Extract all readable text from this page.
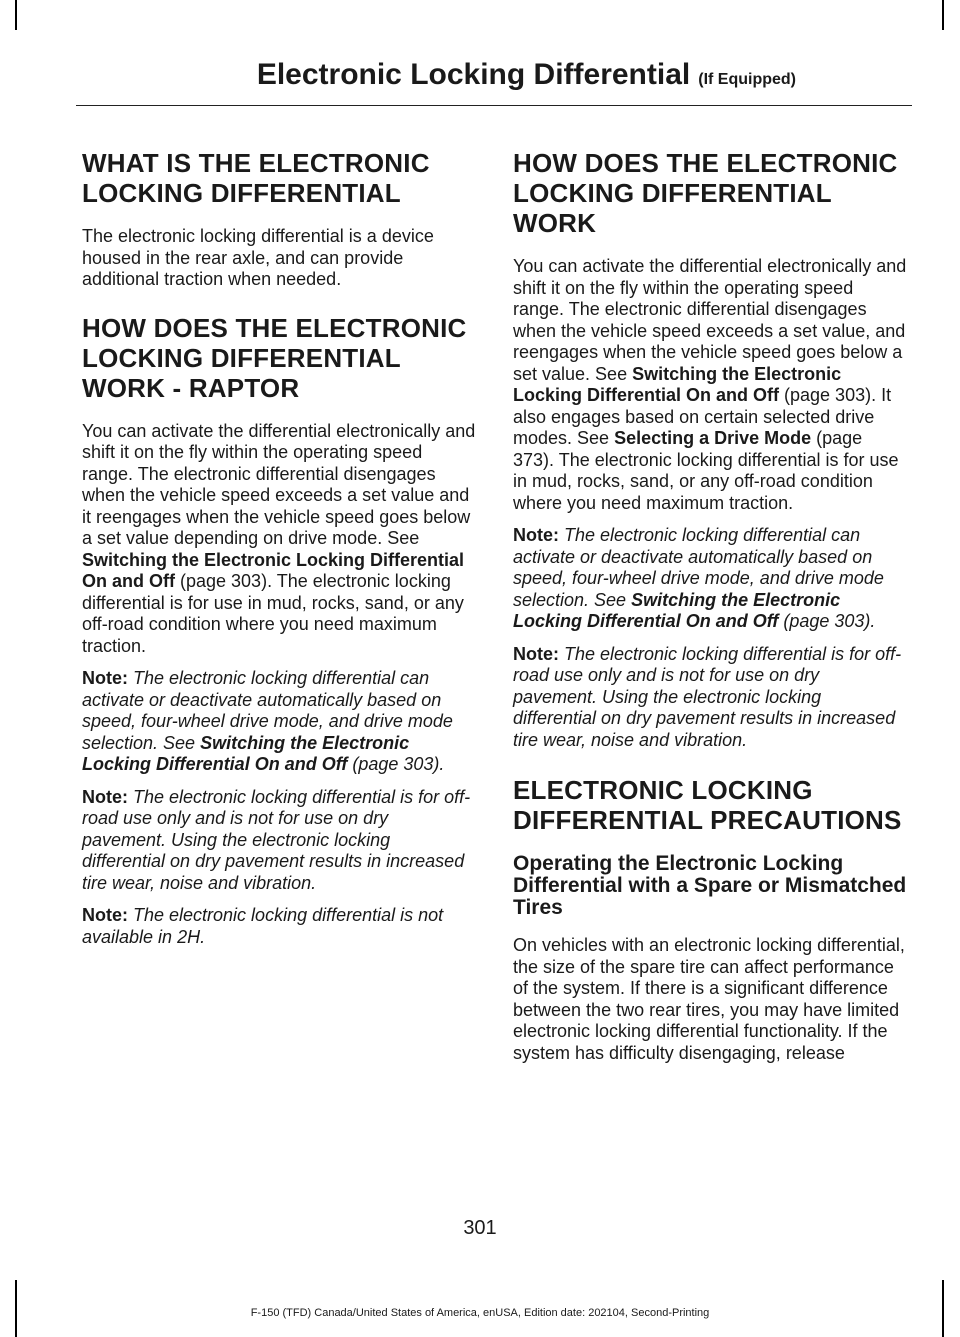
Electronic Locking Differential (If Equipped)
WHAT IS THE ELECTRONIC
LOCKING DIFFERENTIAL

The electronic locking differential is a device housed in the rear axle, and can provide additional traction when needed.

HOW DOES THE ELECTRONIC
LOCKING DIFFERENTIAL
WORK - RAPTOR

You can activate the differential electronically and shift it on the fly within the operating speed range. The electronic differential disengages when the vehicle speed exceeds a set value and it reengages when the vehicle speed goes below a set value depending on drive mode. See Switching the Electronic Locking Differential On and Off (page 303). The electronic locking differential is for use in mud, rocks, sand, or any off-road condition where you need maximum traction.

Note: The electronic locking differential can activate or deactivate automatically based on speed, four-wheel drive mode, and drive mode selection. See Switching the Electronic Locking Differential On and Off (page 303).

Note: The electronic locking differential is for off-road use only and is not for use on dry pavement. Using the electronic locking differential on dry pavement results in increased tire wear, noise and vibration.

Note: The electronic locking differential is not available in 2H.

HOW DOES THE ELECTRONIC
LOCKING DIFFERENTIAL
WORK

You can activate the differential electronically and shift it on the fly within the operating speed range. The electronic differential disengages when the vehicle speed exceeds a set value, and reengages when the vehicle speed goes below a set value. See Switching the Electronic Locking Differential On and Off (page 303). It also engages based on certain selected drive modes. See Selecting a Drive Mode (page 373). The electronic locking differential is for use in mud, rocks, sand, or any off-road condition where you need maximum traction.

Note: The electronic locking differential can activate or deactivate automatically based on speed, four-wheel drive mode, and drive mode selection. See Switching the Electronic Locking Differential On and Off (page 303).

Note: The electronic locking differential is for off-road use only and is not for use on dry pavement. Using the electronic locking differential on dry pavement results in increased tire wear, noise and vibration.

ELECTRONIC LOCKING
DIFFERENTIAL PRECAUTIONS
Operating the Electronic Locking Differential with a Spare or Mismatched Tires

On vehicles with an electronic locking differential, the size of the spare tire can affect performance of the system. If there is a significant difference between the two rear tires, you may have limited electronic locking differential functionality. If the system has difficulty disengaging, release

301

F-150 (TFD) Canada/United States of America, enUSA, Edition date: 202104, Second-Printing
